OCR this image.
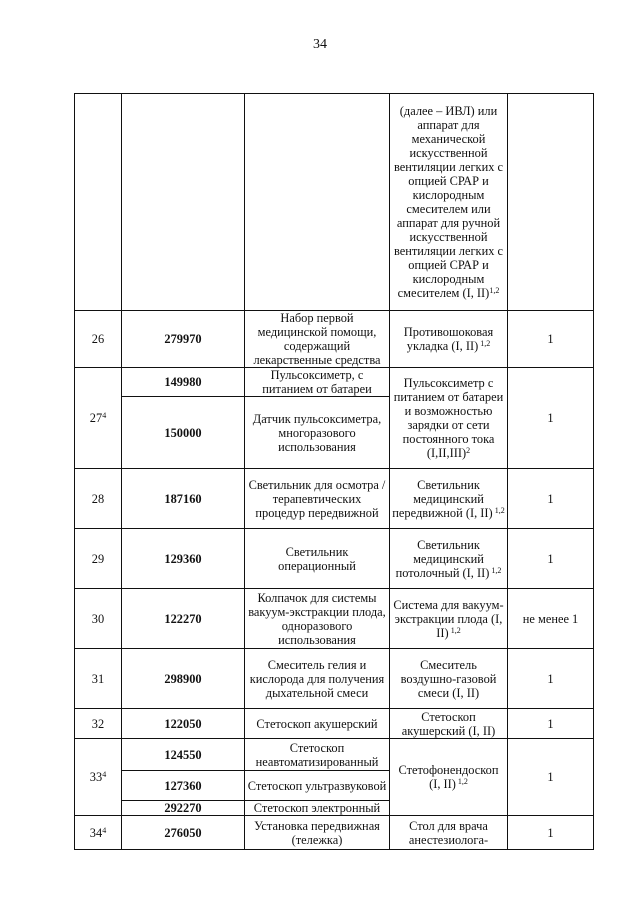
34
			(далее – ИВЛ) или аппарат для механической искусственной вентиляции легких с опцией СРАР и кислородным смесителем или аппарат для ручной искусственной вентиляции легких с опцией СРАР и кислородным смесителем (I, II)$^{1,2}$	
26	279970	Набор первой медицинской помощи, содержащий лекарственные средства	Противошоковая укладка (I, II) $^{1,2}$	1
$27^4$	149980	Пульсоксиметр, с питанием от батареи	Пульсоксиметр с питанием от батареи и возможностью зарядки от сети постоянного тока $(I,II,III)^2$	1
	150000	Датчик пульсоксиметра, многоразового использования		
28	187160	Светильник для осмотра /терапевтических процедур передвижной	Светильник медицинский передвижной (I, II) $^{1,2}$	1
29	129360	Светильник операционный	Светильник медицинский потолочный (I, II) $^{1,2}$	1
30	122270	Колпачок для системы вакуум-экстракции плода, одноразового использования	Система для вакуум-экстракции плода (I, II) $^{1,2}$	не менее 1
31	298900	Смеситель гелия и кислорода для получения дыхательной смеси	Смеситель воздушно-газовой смеси (I, II)	1
32	122050	Стетоскоп акушерский	Стетоскоп акушерский (I, II)	1
$33^4$	124550	Стетоскоп неавтоматизированный	Стетофонендоскоп (I, II) $^{1,2}$	1
	127360	Стетоскоп ультразвуковой		
	292270	Стетоскоп электронный		
$34^4$	276050	Установка передвижная (тележка)	Стол для врача анестезиолога-	1
